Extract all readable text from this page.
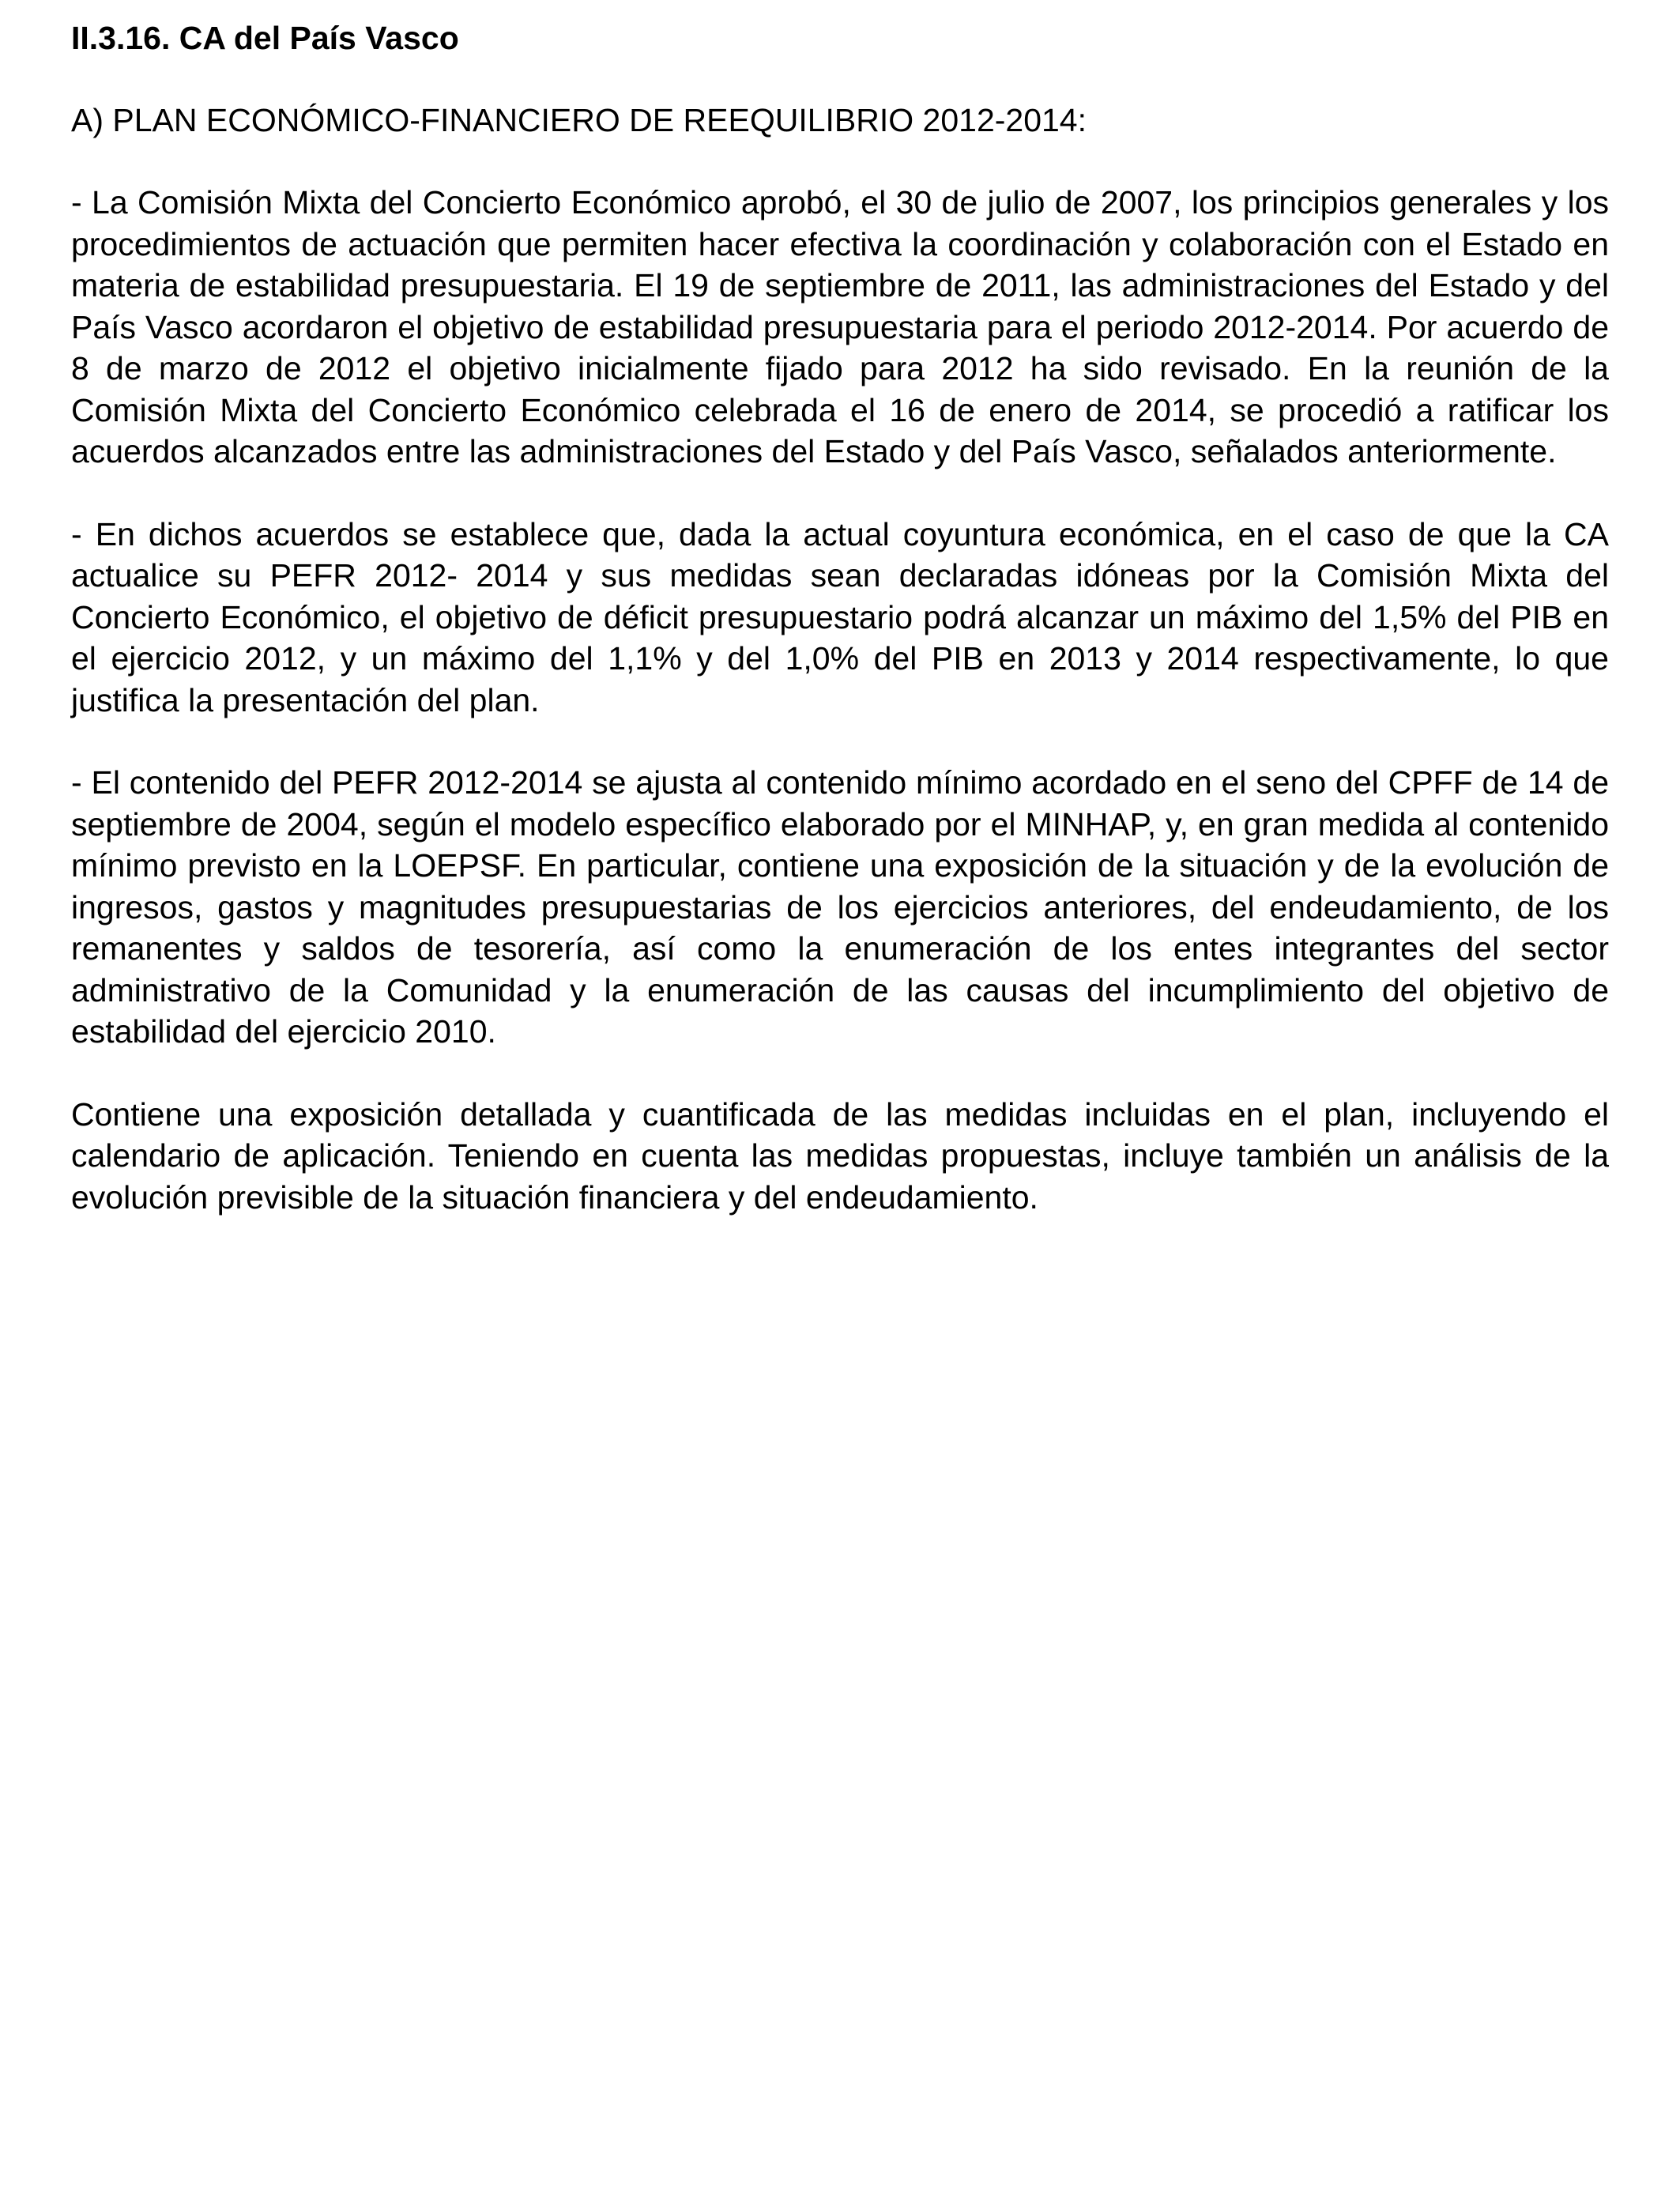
II.3.16. CA del País Vasco
A) PLAN ECONÓMICO-FINANCIERO DE REEQUILIBRIO 2012-2014:

- La Comisión Mixta del Concierto Económico aprobó, el 30 de julio de 2007, los principios generales y los procedimientos de actuación que permiten hacer efectiva la coordinación y colaboración con el Estado en materia de estabilidad presupuestaria. El 19 de septiembre de 2011, las administraciones del Estado y del País Vasco acordaron el objetivo de estabilidad presupuestaria para el periodo 2012-2014. Por acuerdo de 8 de marzo de 2012 el objetivo inicialmente fijado para 2012 ha sido revisado. En la reunión de la Comisión Mixta del Concierto Económico celebrada el 16 de enero de 2014, se procedió a ratificar los acuerdos alcanzados entre las administraciones del Estado y del País Vasco, señalados anteriormente.

- En dichos acuerdos se establece que, dada la actual coyuntura económica, en el caso de que la CA actualice su PEFR 2012- 2014 y sus medidas sean declaradas idóneas por la Comisión Mixta del Concierto Económico, el objetivo de déficit presupuestario podrá alcanzar un máximo del 1,5% del PIB en el ejercicio 2012, y un máximo del 1,1% y del 1,0% del PIB en 2013 y 2014 respectivamente, lo que justifica la presentación del plan.

- El contenido del PEFR 2012-2014 se ajusta al contenido mínimo acordado en el seno del CPFF de 14 de septiembre de 2004, según el modelo específico elaborado por el MINHAP, y, en gran medida al contenido mínimo previsto en la LOEPSF. En particular, contiene una exposición de la situación y de la evolución de ingresos, gastos y magnitudes presupuestarias de los ejercicios anteriores, del endeudamiento, de los remanentes y saldos de tesorería, así como la enumeración de los entes integrantes del sector administrativo de la Comunidad y la enumeración de las causas del incumplimiento del objetivo de estabilidad del ejercicio 2010.

Contiene una exposición detallada y cuantificada de las medidas incluidas en el plan, incluyendo el calendario de aplicación. Teniendo en cuenta las medidas propuestas, incluye también un análisis de la evolución previsible de la situación financiera y del endeudamiento.
